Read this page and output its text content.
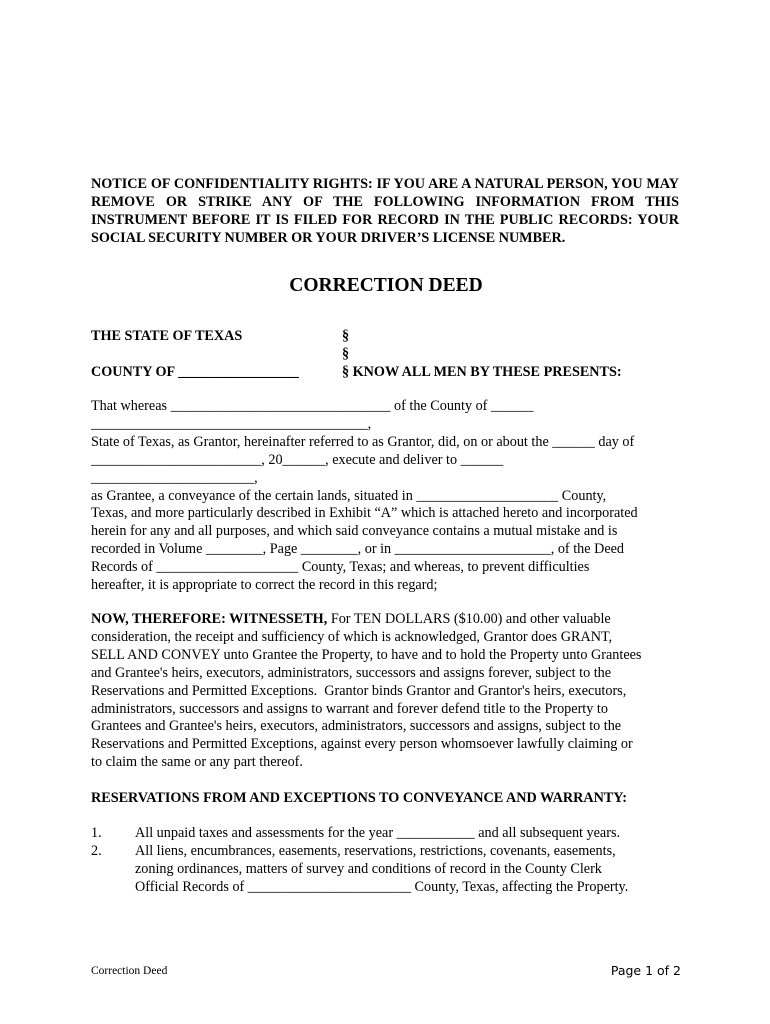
NOTICE OF CONFIDENTIALITY RIGHTS: IF YOU ARE A NATURAL PERSON, YOU MAY REMOVE OR STRIKE ANY OF THE FOLLOWING INFORMATION FROM THIS INSTRUMENT BEFORE IT IS FILED FOR RECORD IN THE PUBLIC RECORDS: YOUR SOCIAL SECURITY NUMBER OR YOUR DRIVER’S LICENSE NUMBER.
CORRECTION DEED
THE STATE OF TEXAS	§
§
COUNTY OF _________________	§ KNOW ALL MEN BY THESE PRESENTS:
That whereas _______________________________ of the County of ______
_______________________________________,
State of Texas, as Grantor, hereinafter referred to as Grantor, did, on or about the ______ day of
________________________, 20______, execute and deliver to ______
_______________________,
as Grantee, a conveyance of the certain lands, situated in ____________________ County,
Texas, and more particularly described in Exhibit “A” which is attached hereto and incorporated
herein for any and all purposes, and which said conveyance contains a mutual mistake and is
recorded in Volume ________, Page ________, or in ______________________, of the Deed
Records of ____________________ County, Texas; and whereas, to prevent difficulties
hereafter, it is appropriate to correct the record in this regard;
NOW, THEREFORE: WITNESSETH, For TEN DOLLARS ($10.00) and other valuable
consideration, the receipt and sufficiency of which is acknowledged, Grantor does GRANT,
SELL AND CONVEY unto Grantee the Property, to have and to hold the Property unto Grantees
and Grantee's heirs, executors, administrators, successors and assigns forever, subject to the
Reservations and Permitted Exceptions.  Grantor binds Grantor and Grantor's heirs, executors,
administrators, successors and assigns to warrant and forever defend title to the Property to
Grantees and Grantee's heirs, executors, administrators, successors and assigns, subject to the
Reservations and Permitted Exceptions, against every person whomsoever lawfully claiming or
to claim the same or any part thereof.
RESERVATIONS FROM AND EXCEPTIONS TO CONVEYANCE AND WARRANTY:
1. All unpaid taxes and assessments for the year ___________ and all subsequent years.
2. All liens, encumbrances, easements, reservations, restrictions, covenants, easements,
zoning ordinances, matters of survey and conditions of record in the County Clerk
Official Records of _______________________ County, Texas, affecting the Property.
Correction Deed	Page 1 of 2
